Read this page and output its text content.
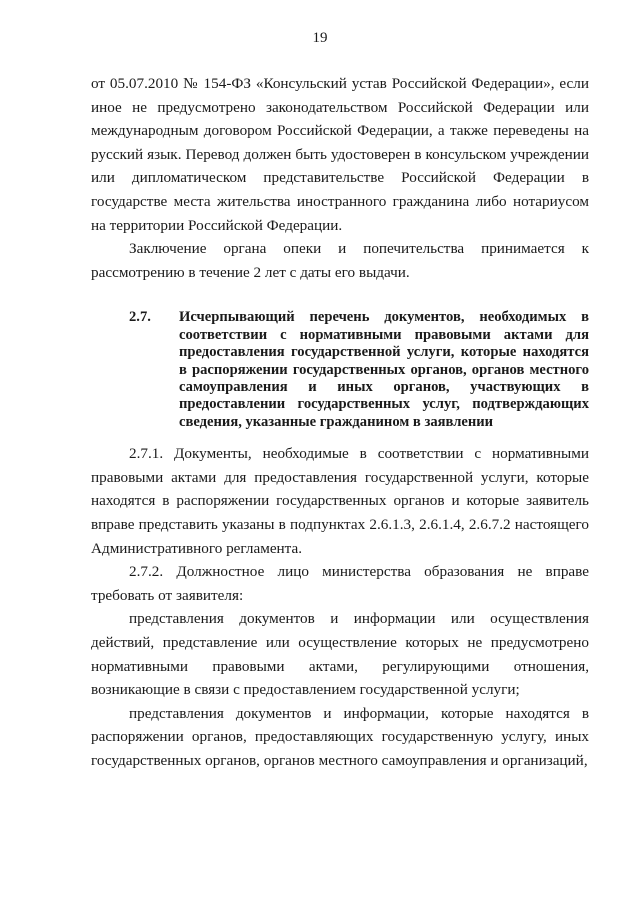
19

от 05.07.2010 № 154-ФЗ «Консульский устав Российской Федерации», если иное не предусмотрено законодательством Российской Федерации или международным договором Российской Федерации, а также переведены на русский язык. Перевод должен быть удостоверен в консульском учреждении или дипломатическом представительстве Российской Федерации в государстве места жительства иностранного гражданина либо нотариусом на территории Российской Федерации.

Заключение органа опеки и попечительства принимается к рассмотрению в течение 2 лет с даты его выдачи.

2.7.	Исчерпывающий перечень документов, необходимых в соответствии с нормативными правовыми актами для предоставления государственной услуги, которые находятся в распоряжении государственных органов, органов местного самоуправления и иных органов, участвующих в предоставлении государственных услуг, подтверждающих сведения, указанные гражданином в заявлении

2.7.1. Документы, необходимые в соответствии с нормативными правовыми актами для предоставления государственной услуги, которые находятся в распоряжении государственных органов и которые заявитель вправе представить указаны в подпунктах 2.6.1.3, 2.6.1.4, 2.6.7.2 настоящего Административного регламента.

2.7.2. Должностное лицо министерства образования не вправе требовать от заявителя:

представления документов и информации или осуществления действий, представление или осуществление которых не предусмотрено нормативными правовыми актами, регулирующими отношения, возникающие в связи с предоставлением государственной услуги;

представления документов и информации, которые находятся в распоряжении органов, предоставляющих государственную услугу, иных государственных органов, органов местного самоуправления и организаций,
